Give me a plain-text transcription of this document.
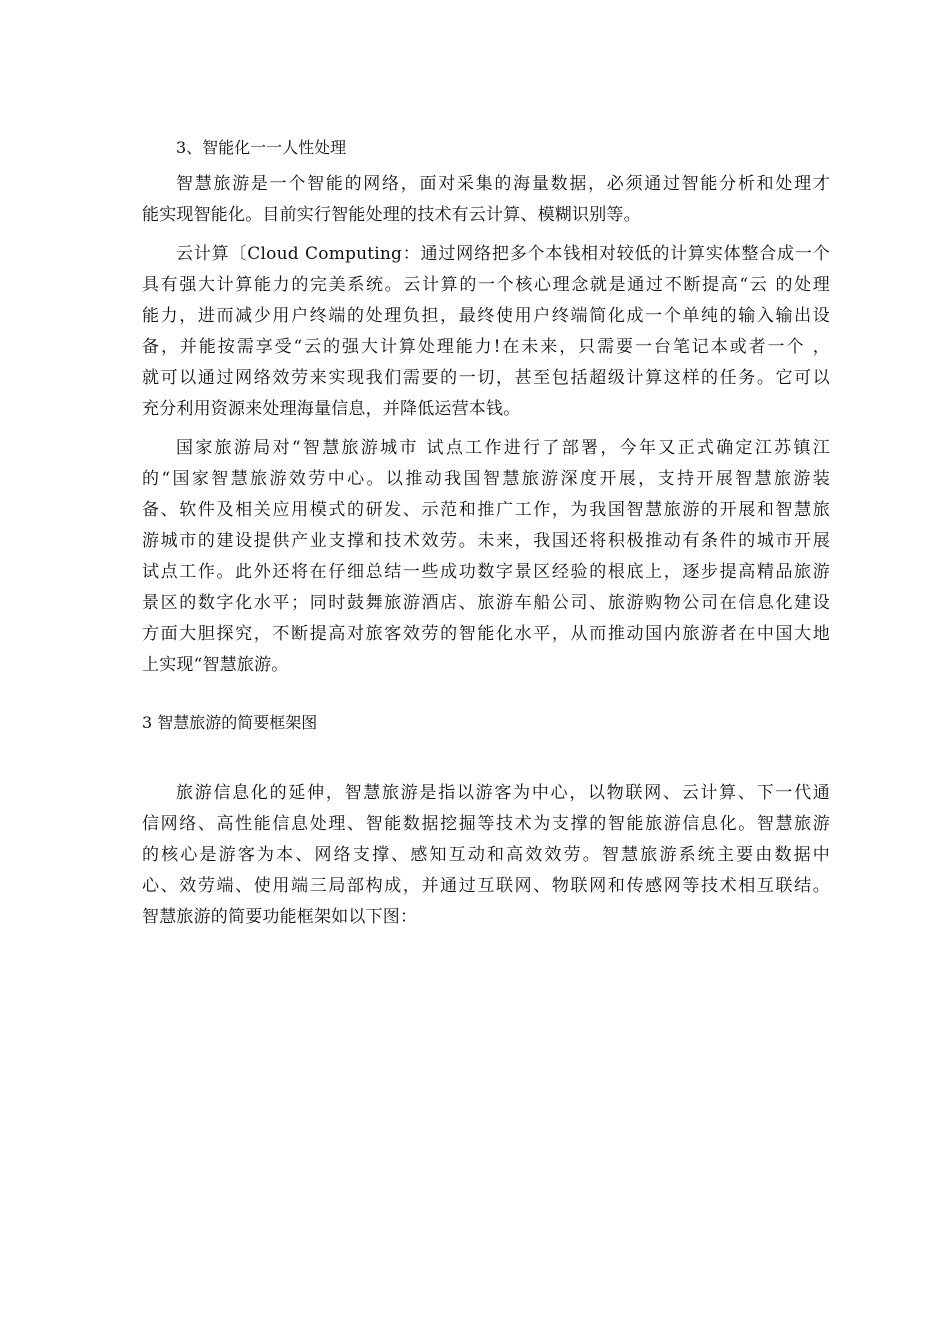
3、智能化一一人性处理
智慧旅游是一个智能的网络，面对采集的海量数据，必须通过智能分析和处理才
能实现智能化。目前实行智能处理的技术有云计算、模糊识别等。
云计算〔Cloud Computing：通过网络把多个本钱相对较低的计算实体整合成一个
具有强大计算能力的完美系统。云计算的一个核心理念就是通过不断提高“云 的处理
能力，进而减少用户终端的处理负担，最终使用户终端简化成一个单纯的输入输出设
备，并能按需享受“云的强大计算处理能力!在未来，只需要一台笔记本或者一个 ，
就可以通过网络效劳来实现我们需要的一切，甚至包括超级计算这样的任务。它可以
充分利用资源来处理海量信息，并降低运营本钱。
国家旅游局对“智慧旅游城市 试点工作进行了部署，今年又正式确定江苏镇江
的“国家智慧旅游效劳中心。以推动我国智慧旅游深度开展，支持开展智慧旅游装
备、软件及相关应用模式的研发、示范和推广工作，为我国智慧旅游的开展和智慧旅
游城市的建设提供产业支撑和技术效劳。未来，我国还将积极推动有条件的城市开展
试点工作。此外还将在仔细总结一些成功数字景区经验的根底上，逐步提高精品旅游
景区的数字化水平；同时鼓舞旅游酒店、旅游车船公司、旅游购物公司在信息化建设
方面大胆探究，不断提高对旅客效劳的智能化水平，从而推动国内旅游者在中国大地
上实现“智慧旅游。
3 智慧旅游的简要框架图
旅游信息化的延伸，智慧旅游是指以游客为中心，以物联网、云计算、下一代通
信网络、高性能信息处理、智能数据挖掘等技术为支撑的智能旅游信息化。智慧旅游
的核心是游客为本、网络支撑、感知互动和高效效劳。智慧旅游系统主要由数据中
心、效劳端、使用端三局部构成，并通过互联网、物联网和传感网等技术相互联结。
智慧旅游的简要功能框架如以下图：
